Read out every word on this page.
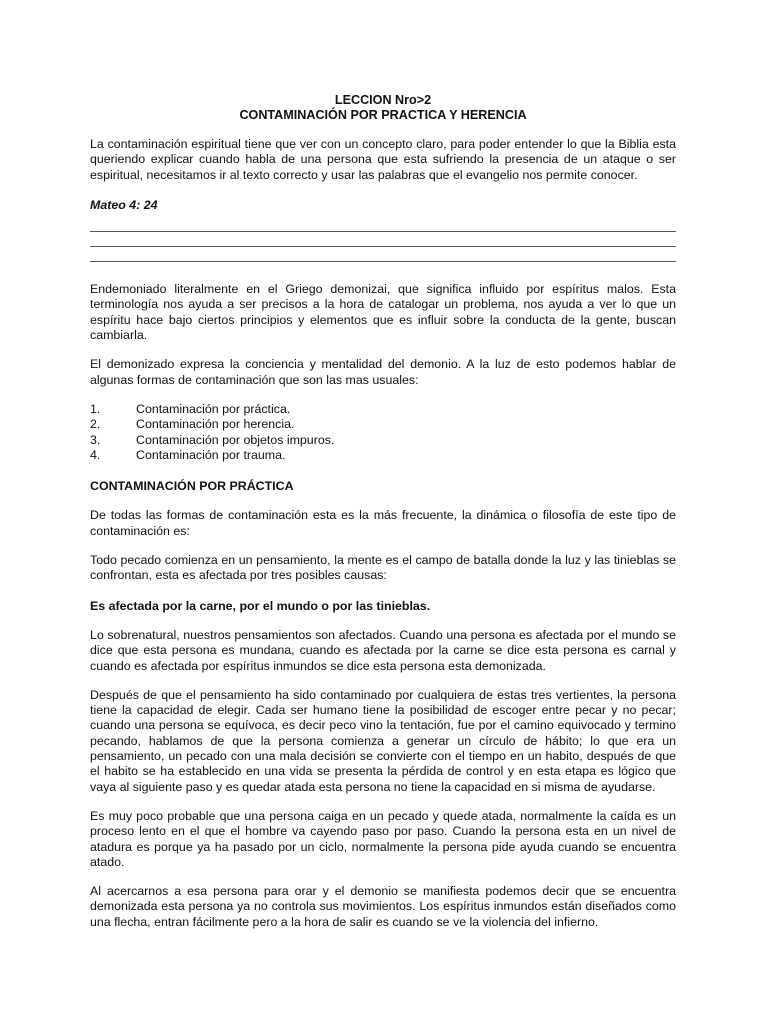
LECCION Nro>2

CONTAMINACIÓN POR PRACTICA Y HERENCIA

La contaminación espiritual tiene que ver con un concepto claro, para poder entender lo que la Biblia esta queriendo explicar cuando habla de una persona que esta sufriendo la presencia de un ataque o ser espiritual, necesitamos ir al texto correcto y usar las palabras que el evangelio nos permite conocer.

Mateo 4: 24

Endemoniado literalmente en el Griego demonizai, que significa influido por espíritus malos. Esta terminología nos ayuda a ser precisos a la hora de catalogar un problema, nos ayuda a ver lo que un espíritu hace bajo ciertos principios y elementos que es influir sobre la conducta de la gente, buscan cambiarla.

El demonizado expresa la conciencia y mentalidad del demonio. A la luz de esto podemos hablar de algunas formas de contaminación que son las mas usuales:

1.	Contaminación por práctica.
2.	Contaminación por herencia.
3.	Contaminación por objetos impuros.
4.	Contaminación por trauma.

CONTAMINACIÓN POR PRÁCTICA

De todas las formas de contaminación esta es la más frecuente, la dinámica o filosofía de este tipo de contaminación es:

Todo pecado comienza en un pensamiento, la mente es el campo de batalla donde la luz y las tinieblas se confrontan, esta es afectada por tres posibles causas:

Es afectada por la carne, por el mundo o por las tinieblas.

Lo sobrenatural, nuestros pensamientos son afectados. Cuando una persona es afectada por el mundo se dice que esta persona es mundana, cuando es afectada por la carne se dice esta persona es carnal y cuando es afectada por espíritus inmundos se dice esta persona esta demonizada.

Después de que el pensamiento ha sido contaminado por cualquiera de estas tres vertientes, la persona tiene la capacidad de elegir. Cada ser humano tiene la posibilidad de escoger entre pecar y no pecar; cuando una persona se equívoca, es decir peco vino la tentación, fue por el camino equivocado y termino pecando, hablamos de que la persona comienza a generar un círculo de hábito; lo que era un pensamiento, un pecado con una mala decisión se convierte con el tiempo en un habito, después de que el habito se ha establecido en una vida se presenta la pérdida de control y en esta etapa es lógico que vaya al siguiente paso y es quedar atada esta persona no tiene la capacidad en si misma de ayudarse.

Es muy poco probable que una persona caiga en un pecado y quede atada, normalmente la caída es un proceso lento en el que el hombre va cayendo paso por paso. Cuando la persona esta en un nivel de atadura es porque ya ha pasado por un ciclo, normalmente la persona pide ayuda cuando se encuentra atado.

Al acercarnos a esa persona para orar y el demonio se manifiesta podemos decir que se encuentra demonizada esta persona ya no controla sus movimientos. Los espíritus inmundos están diseñados como una flecha, entran fácilmente pero a la hora de salir es cuando se ve la violencia del infierno.
